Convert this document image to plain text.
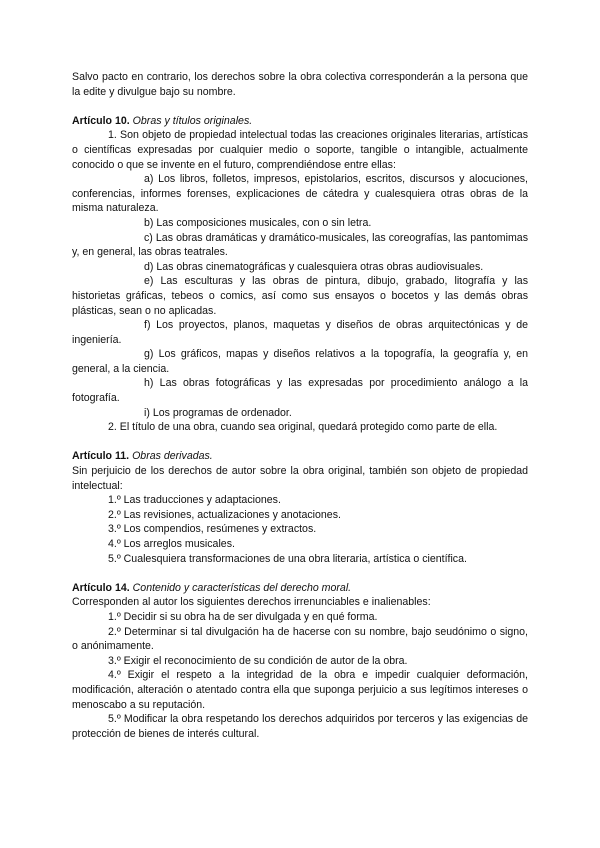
Salvo pacto en contrario, los derechos sobre la obra colectiva corresponderán a la persona que la edite y divulgue bajo su nombre.

Artículo 10. Obras y títulos originales.

1. Son objeto de propiedad intelectual todas las creaciones originales literarias, artísticas o científicas expresadas por cualquier medio o soporte, tangible o intangible, actualmente conocido o que se invente en el futuro, comprendiéndose entre ellas:

a) Los libros, folletos, impresos, epistolarios, escritos, discursos y alocuciones, conferencias, informes forenses, explicaciones de cátedra y cualesquiera otras obras de la misma naturaleza.

b) Las composiciones musicales, con o sin letra.

c) Las obras dramáticas y dramático-musicales, las coreografías, las pantomimas y, en general, las obras teatrales.

d) Las obras cinematográficas y cualesquiera otras obras audiovisuales.

e) Las esculturas y las obras de pintura, dibujo, grabado, litografía y las historietas gráficas, tebeos o comics, así como sus ensayos o bocetos y las demás obras plásticas, sean o no aplicadas.

f) Los proyectos, planos, maquetas y diseños de obras arquitectónicas y de ingeniería.

g) Los gráficos, mapas y diseños relativos a la topografía, la geografía y, en general, a la ciencia.

h) Las obras fotográficas y las expresadas por procedimiento análogo a la fotografía.

i) Los programas de ordenador.

2. El título de una obra, cuando sea original, quedará protegido como parte de ella.

Artículo 11. Obras derivadas.

Sin perjuicio de los derechos de autor sobre la obra original, también son objeto de propiedad intelectual:

1.º Las traducciones y adaptaciones.

2.º Las revisiones, actualizaciones y anotaciones.

3.º Los compendios, resúmenes y extractos.

4.º Los arreglos musicales.

5.º Cualesquiera transformaciones de una obra literaria, artística o científica.

Artículo 14. Contenido y características del derecho moral.

Corresponden al autor los siguientes derechos irrenunciables e inalienables:

1.º Decidir si su obra ha de ser divulgada y en qué forma.

2.º Determinar si tal divulgación ha de hacerse con su nombre, bajo seudónimo o signo, o anónimamente.

3.º Exigir el reconocimiento de su condición de autor de la obra.

4.º Exigir el respeto a la integridad de la obra e impedir cualquier deformación, modificación, alteración o atentado contra ella que suponga perjuicio a sus legítimos intereses o menoscabo a su reputación.

5.º Modificar la obra respetando los derechos adquiridos por terceros y las exigencias de protección de bienes de interés cultural.
